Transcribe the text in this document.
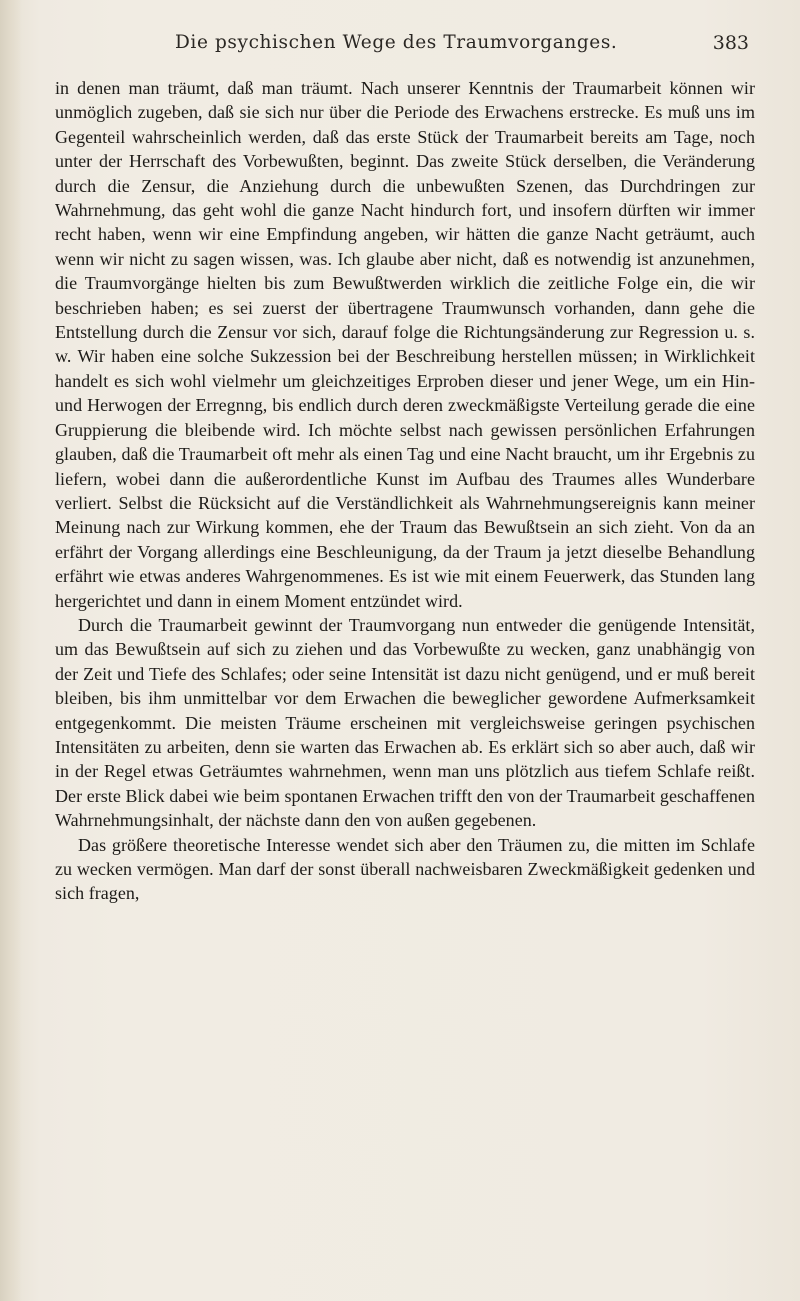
Die psychischen Wege des Traumvorganges.	383

in denen man träumt, daß man träumt. Nach unserer Kenntnis der Traumarbeit können wir unmöglich zugeben, daß sie sich nur über die Periode des Erwachens erstrecke. Es muß uns im Gegenteil wahrscheinlich werden, daß das erste Stück der Traumarbeit bereits am Tage, noch unter der Herrschaft des Vorbewußten, beginnt. Das zweite Stück derselben, die Veränderung durch die Zensur, die Anziehung durch die unbewußten Szenen, das Durchdringen zur Wahrnehmung, das geht wohl die ganze Nacht hindurch fort, und insofern dürften wir immer recht haben, wenn wir eine Empfindung angeben, wir hätten die ganze Nacht geträumt, auch wenn wir nicht zu sagen wissen, was. Ich glaube aber nicht, daß es notwendig ist anzunehmen, die Traumvorgänge hielten bis zum Bewußtwerden wirklich die zeitliche Folge ein, die wir beschrieben haben; es sei zuerst der übertragene Traumwunsch vorhanden, dann gehe die Entstellung durch die Zensur vor sich, darauf folge die Richtungsänderung zur Regression u. s. w. Wir haben eine solche Sukzession bei der Beschreibung herstellen müssen; in Wirklichkeit handelt es sich wohl vielmehr um gleichzeitiges Erproben dieser und jener Wege, um ein Hin- und Herwogen der Erregnng, bis endlich durch deren zweckmäßigste Verteilung gerade die eine Gruppierung die bleibende wird. Ich möchte selbst nach gewissen persönlichen Erfahrungen glauben, daß die Traumarbeit oft mehr als einen Tag und eine Nacht braucht, um ihr Ergebnis zu liefern, wobei dann die außerordentliche Kunst im Aufbau des Traumes alles Wunderbare verliert. Selbst die Rücksicht auf die Verständlichkeit als Wahrnehmungsereignis kann meiner Meinung nach zur Wirkung kommen, ehe der Traum das Bewußtsein an sich zieht. Von da an erfährt der Vorgang allerdings eine Beschleunigung, da der Traum ja jetzt dieselbe Behandlung erfährt wie etwas anderes Wahrgenommenes. Es ist wie mit einem Feuerwerk, das Stunden lang hergerichtet und dann in einem Moment entzündet wird.

Durch die Traumarbeit gewinnt der Traumvorgang nun entweder die genügende Intensität, um das Bewußtsein auf sich zu ziehen und das Vorbewußte zu wecken, ganz unabhängig von der Zeit und Tiefe des Schlafes; oder seine Intensität ist dazu nicht genügend, und er muß bereit bleiben, bis ihm unmittelbar vor dem Erwachen die beweglicher gewordene Aufmerksamkeit entgegenkommt. Die meisten Träume erscheinen mit vergleichsweise geringen psychischen Intensitäten zu arbeiten, denn sie warten das Erwachen ab. Es erklärt sich so aber auch, daß wir in der Regel etwas Geträumtes wahrnehmen, wenn man uns plötzlich aus tiefem Schlafe reißt. Der erste Blick dabei wie beim spontanen Erwachen trifft den von der Traumarbeit geschaffenen Wahrnehmungsinhalt, der nächste dann den von außen gegebenen.

Das größere theoretische Interesse wendet sich aber den Träumen zu, die mitten im Schlafe zu wecken vermögen. Man darf der sonst überall nachweisbaren Zweckmäßigkeit gedenken und sich fragen,
